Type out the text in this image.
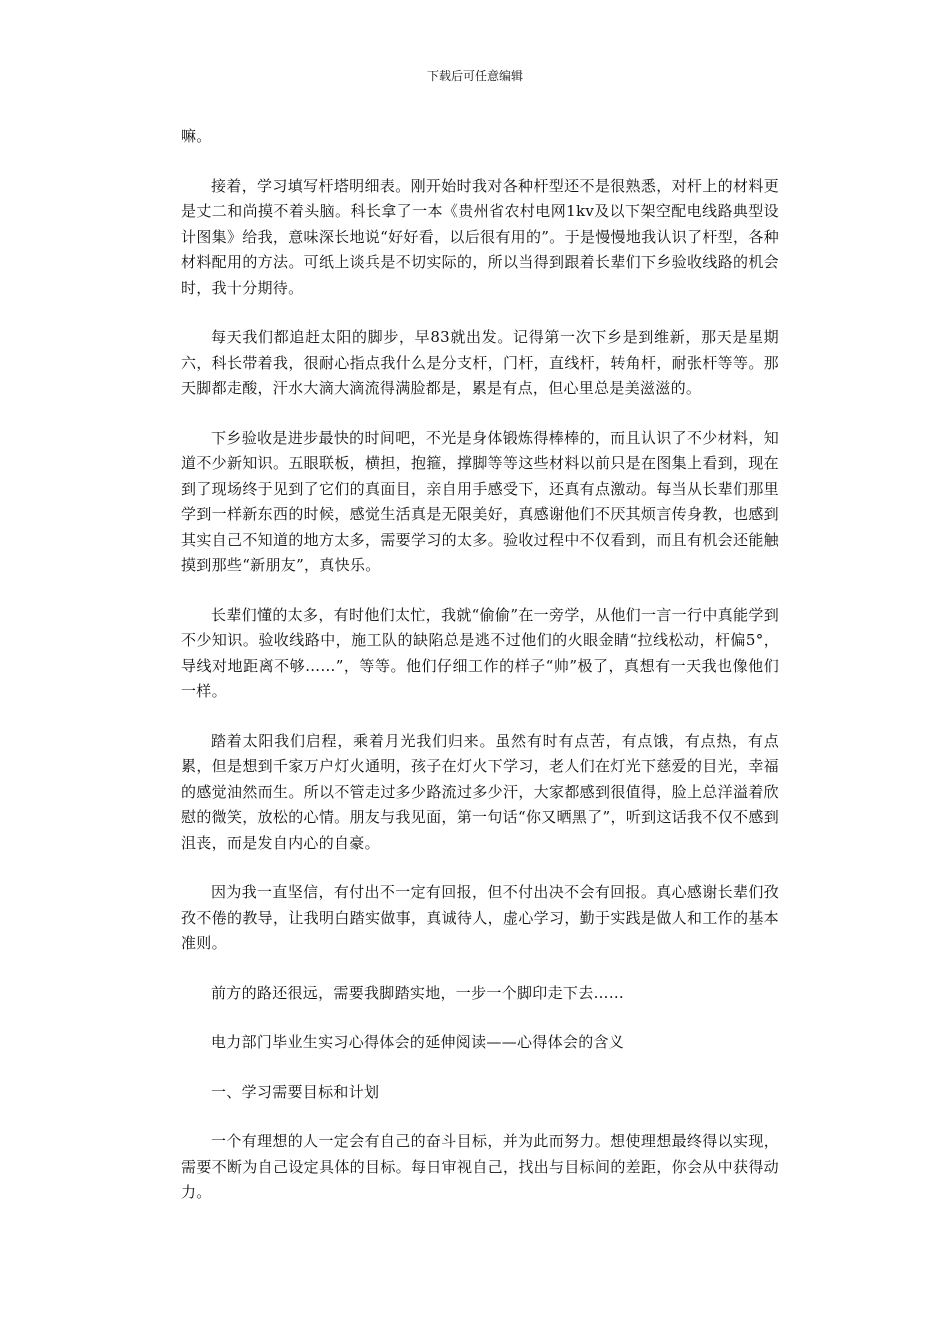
下载后可任意编辑

嘛。

接着，学习填写杆塔明细表。刚开始时我对各种杆型还不是很熟悉，对杆上的材料更是丈二和尚摸不着头脑。科长拿了一本《贵州省农村电网1kv及以下架空配电线路典型设计图集》给我，意味深长地说“好好看，以后很有用的”。于是慢慢地我认识了杆型，各种材料配用的方法。可纸上谈兵是不切实际的，所以当得到跟着长辈们下乡验收线路的机会时，我十分期待。

每天我们都追赶太阳的脚步，早83就出发。记得第一次下乡是到维新，那天是星期六，科长带着我，很耐心指点我什么是分支杆，门杆，直线杆，转角杆，耐张杆等等。那天脚都走酸，汗水大滴大滴流得满脸都是，累是有点，但心里总是美滋滋的。

下乡验收是进步最快的时间吧，不光是身体锻炼得棒棒的，而且认识了不少材料，知道不少新知识。五眼联板，横担，抱箍，撑脚等等这些材料以前只是在图集上看到，现在到了现场终于见到了它们的真面目，亲自用手感受下，还真有点激动。每当从长辈们那里学到一样新东西的时候，感觉生活真是无限美好，真感谢他们不厌其烦言传身教，也感到其实自己不知道的地方太多，需要学习的太多。验收过程中不仅看到，而且有机会还能触摸到那些“新朋友”，真快乐。

长辈们懂的太多，有时他们太忙，我就“偷偷”在一旁学，从他们一言一行中真能学到不少知识。验收线路中，施工队的缺陷总是逃不过他们的火眼金睛“拉线松动，杆偏5°，导线对地距离不够……”，等等。他们仔细工作的样子“帅”极了，真想有一天我也像他们一样。

踏着太阳我们启程，乘着月光我们归来。虽然有时有点苦，有点饿，有点热，有点累，但是想到千家万户灯火通明，孩子在灯火下学习，老人们在灯光下慈爱的目光，幸福的感觉油然而生。所以不管走过多少路流过多少汗，大家都感到很值得，脸上总洋溢着欣慰的微笑，放松的心情。朋友与我见面，第一句话“你又晒黑了”，听到这话我不仅不感到沮丧，而是发自内心的自豪。

因为我一直坚信，有付出不一定有回报，但不付出决不会有回报。真心感谢长辈们孜孜不倦的教导，让我明白踏实做事，真诚待人，虚心学习，勤于实践是做人和工作的基本准则。

前方的路还很远，需要我脚踏实地，一步一个脚印走下去……

电力部门毕业生实习心得体会的延伸阅读——心得体会的含义

一、学习需要目标和计划

一个有理想的人一定会有自己的奋斗目标，并为此而努力。想使理想最终得以实现，需要不断为自己设定具体的目标。每日审视自己，找出与目标间的差距，你会从中获得动力。
